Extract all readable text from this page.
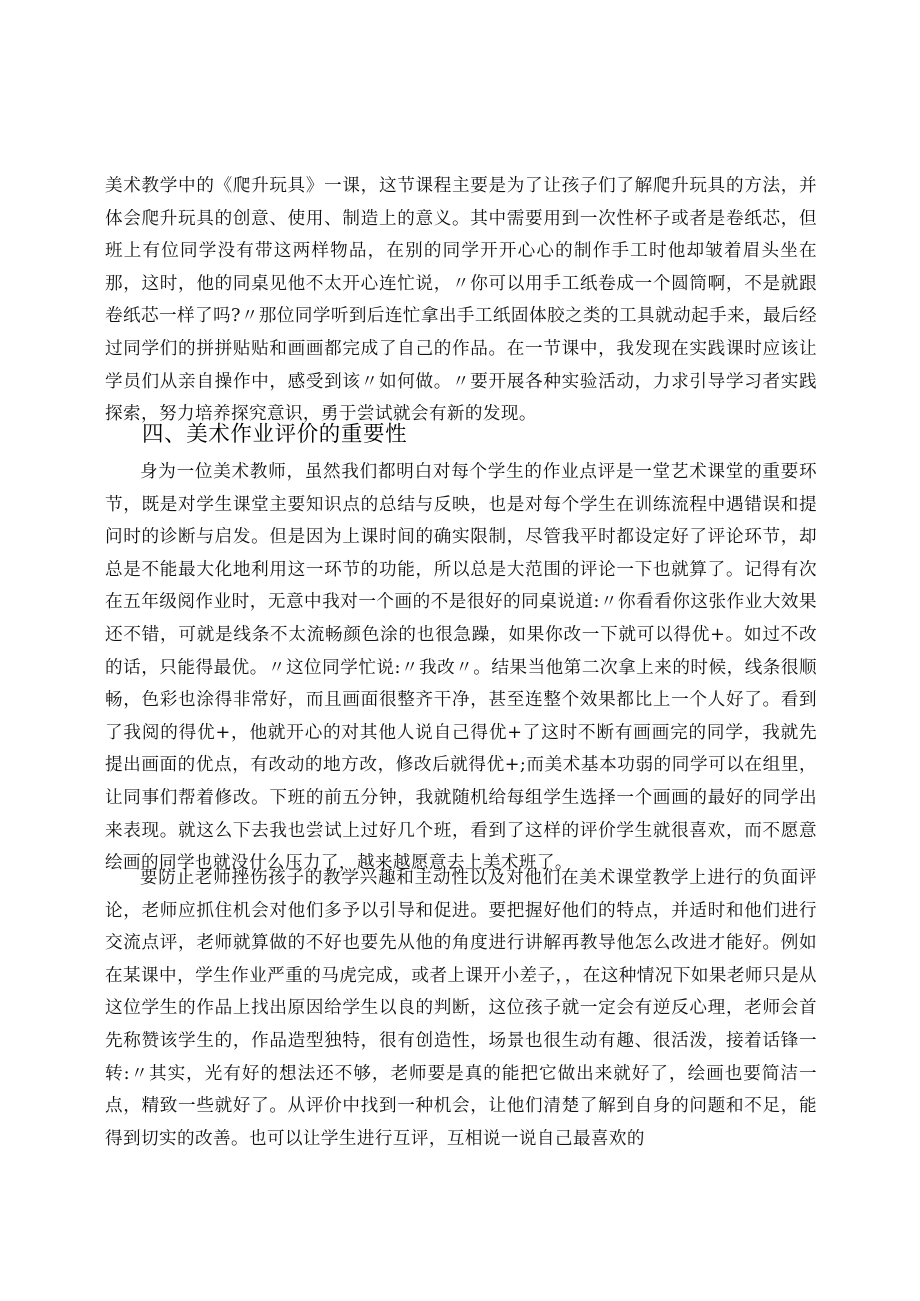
美术教学中的《爬升玩具》一课，这节课程主要是为了让孩子们了解爬升玩具的方法，并体会爬升玩具的创意、使用、制造上的意义。其中需要用到一次性杯子或者是卷纸芯，但班上有位同学没有带这两样物品，在别的同学开开心心的制作手工时他却皱着眉头坐在那，这时，他的同桌见他不太开心连忙说，〃你可以用手工纸卷成一个圆筒啊，不是就跟卷纸芯一样了吗?〃那位同学听到后连忙拿出手工纸固体胶之类的工具就动起手来，最后经过同学们的拼拼贴贴和画画都完成了自己的作品。在一节课中，我发现在实践课时应该让学员们从亲自操作中，感受到该〃如何做。〃要开展各种实验活动，力求引导学习者实践探索，努力培养探究意识，勇于尝试就会有新的发现。

四、美术作业评价的重要性

身为一位美术教师，虽然我们都明白对每个学生的作业点评是一堂艺术课堂的重要环节，既是对学生课堂主要知识点的总结与反映，也是对每个学生在训练流程中遇错误和提问时的诊断与启发。但是因为上课时间的确实限制，尽管我平时都设定好了评论环节，却总是不能最大化地利用这一环节的功能，所以总是大范围的评论一下也就算了。记得有次在五年级阅作业时，无意中我对一个画的不是很好的同桌说道:〃你看看你这张作业大效果还不错，可就是线条不太流畅颜色涂的也很急躁，如果你改一下就可以得优+。如过不改的话，只能得最优。〃这位同学忙说:〃我改〃。结果当他第二次拿上来的时候，线条很顺畅，色彩也涂得非常好，而且画面很整齐干净，甚至连整个效果都比上一个人好了。看到了我阅的得优+，他就开心的对其他人说自己得优+了这时不断有画画完的同学，我就先提出画面的优点，有改动的地方改，修改后就得优+;而美术基本功弱的同学可以在组里，让同事们帮着修改。下班的前五分钟，我就随机给每组学生选择一个画画的最好的同学出来表现。就这么下去我也尝试上过好几个班，看到了这样的评价学生就很喜欢，而不愿意绘画的同学也就没什么压力了，越来越愿意去上美术班了。

要防止老师挫伤孩子的教学兴趣和主动性以及对他们在美术课堂教学上进行的负面评论，老师应抓住机会对他们多予以引导和促进。要把握好他们的特点，并适时和他们进行交流点评，老师就算做的不好也要先从他的角度进行讲解再教导他怎么改进才能好。例如在某课中，学生作业严重的马虎完成，或者上课开小差子，，在这种情况下如果老师只是从这位学生的作品上找出原因给学生以良的判断，这位孩子就一定会有逆反心理，老师会首先称赞该学生的，作品造型独特，很有创造性，场景也很生动有趣、很活泼，接着话锋一转:〃其实，光有好的想法还不够，老师要是真的能把它做出来就好了，绘画也要简洁一点，精致一些就好了。从评价中找到一种机会，让他们清楚了解到自身的问题和不足，能得到切实的改善。也可以让学生进行互评，互相说一说自己最喜欢的
